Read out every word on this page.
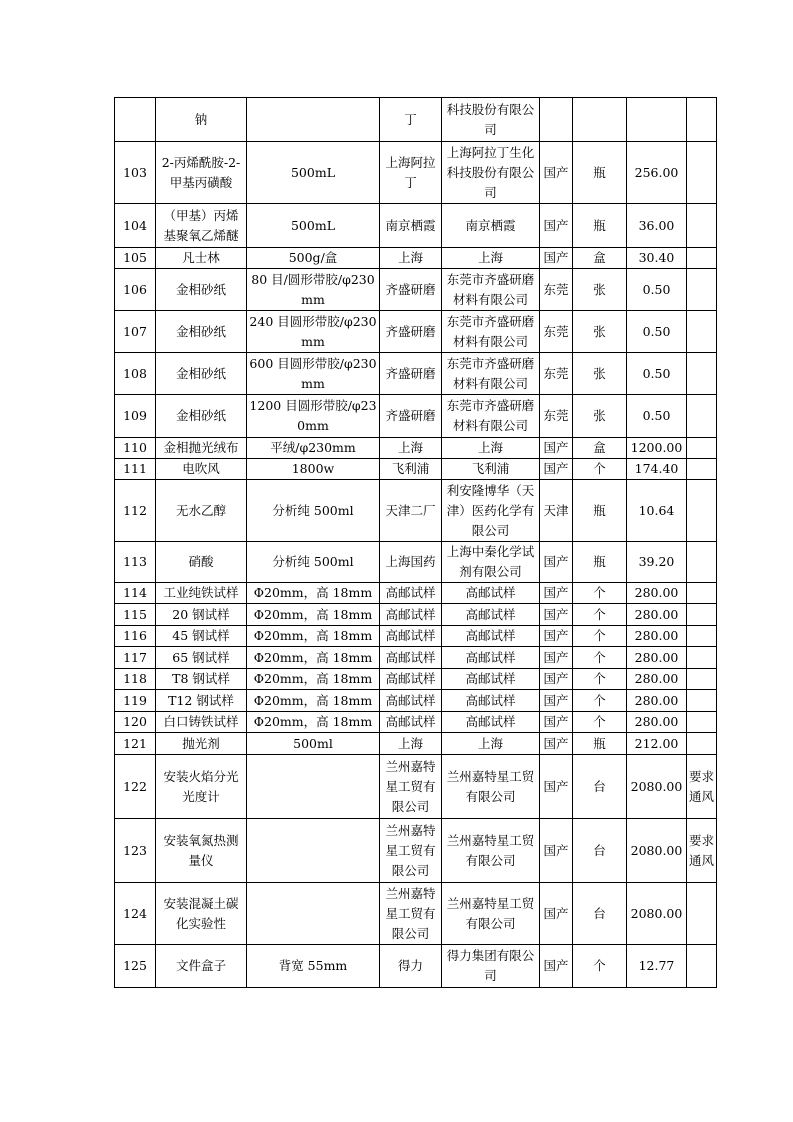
	钠		丁	科技股份有限公司				
103	2-丙烯酰胺-2-甲基丙磺酸	500mL	上海阿拉丁	上海阿拉丁生化科技股份有限公司	国产	瓶	256.00	
104	（甲基）丙烯基聚氧乙烯醚	500mL	南京栖霞	南京栖霞	国产	瓶	36.00	
105	凡士林	500g/盒	上海	上海	国产	盒	30.40	
106	金相砂纸	80 目/圆形带胶/φ230mm	齐盛研磨	东莞市齐盛研磨材料有限公司	东莞	张	0.50	
107	金相砂纸	240 目圆形带胶/φ230mm	齐盛研磨	东莞市齐盛研磨材料有限公司	东莞	张	0.50	
108	金相砂纸	600 目圆形带胶/φ230mm	齐盛研磨	东莞市齐盛研磨材料有限公司	东莞	张	0.50	
109	金相砂纸	1200 目圆形带胶/φ230mm	齐盛研磨	东莞市齐盛研磨材料有限公司	东莞	张	0.50	
110	金相抛光绒布	平绒/φ230mm	上海	上海	国产	盒	1200.00	
111	电吹风	1800w	飞利浦	飞利浦	国产	个	174.40	
112	无水乙醇	分析纯 500ml	天津二厂	利安隆博华（天津）医药化学有限公司	天津	瓶	10.64	
113	硝酸	分析纯 500ml	上海国药	上海中秦化学试剂有限公司	国产	瓶	39.20	
114	工业纯铁试样	Φ20mm，高 18mm	高邮试样	高邮试样	国产	个	280.00	
115	20 钢试样	Φ20mm，高 18mm	高邮试样	高邮试样	国产	个	280.00	
116	45 钢试样	Φ20mm，高 18mm	高邮试样	高邮试样	国产	个	280.00	
117	65 钢试样	Φ20mm，高 18mm	高邮试样	高邮试样	国产	个	280.00	
118	T8 钢试样	Φ20mm，高 18mm	高邮试样	高邮试样	国产	个	280.00	
119	T12 钢试样	Φ20mm，高 18mm	高邮试样	高邮试样	国产	个	280.00	
120	白口铸铁试样	Φ20mm，高 18mm	高邮试样	高邮试样	国产	个	280.00	
121	抛光剂	500ml	上海	上海	国产	瓶	212.00	
122	安装火焰分光光度计		兰州嘉特星工贸有限公司	兰州嘉特星工贸有限公司	国产	台	2080.00	要求通风
123	安装氧氮热测量仪		兰州嘉特星工贸有限公司	兰州嘉特星工贸有限公司	国产	台	2080.00	要求通风
124	安装混凝土碳化实验性		兰州嘉特星工贸有限公司	兰州嘉特星工贸有限公司	国产	台	2080.00	
125	文件盒子	背宽 55mm	得力	得力集团有限公司	国产	个	12.77	
